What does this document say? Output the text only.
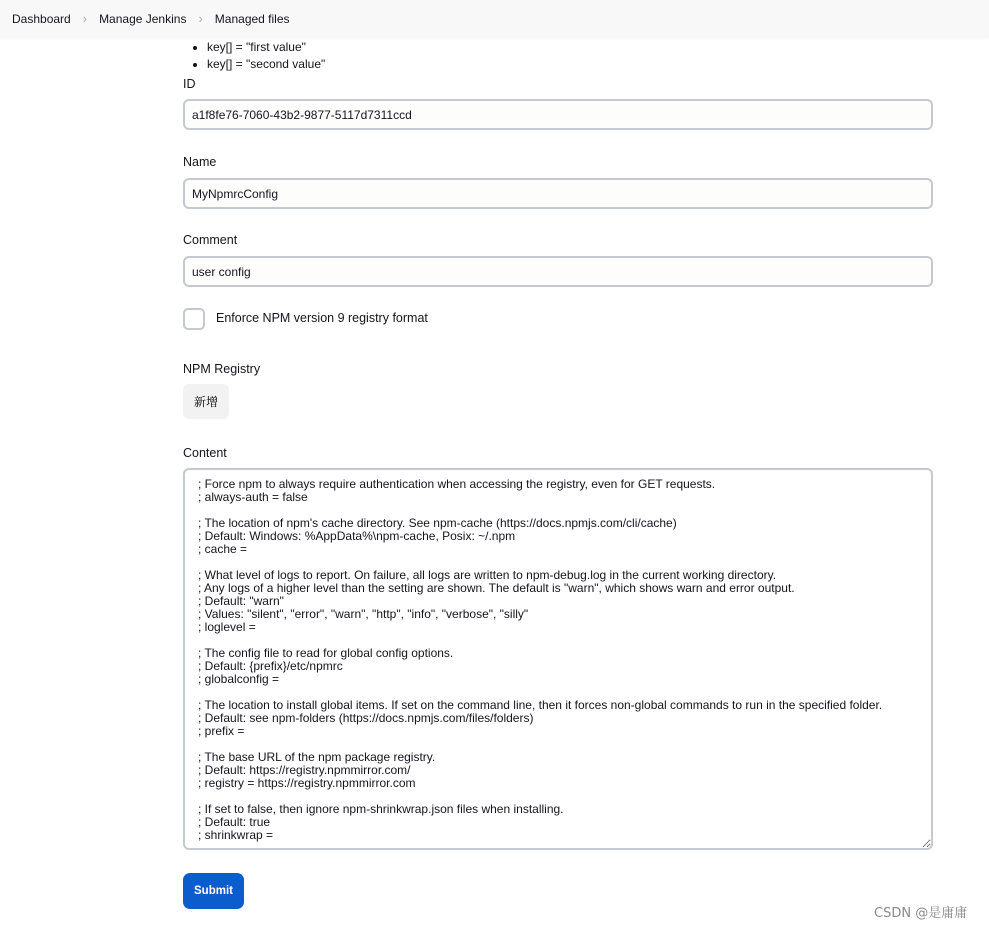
Dashboard › Manage Jenkins › Managed files
• key[] = "first value"
• key[] = "second value"
ID
a1f8fe76-7060-43b2-9877-5117d7311ccd
Name
MyNpmrcConfig
Comment
user config
Enforce NPM version 9 registry format
NPM Registry
新增
Content
; Force npm to always require authentication when accessing the registry, even for GET requests. ; always-auth = false ; The location of npm's cache directory. See npm-cache (https://docs.npmjs.com/cli/cache) ; Default: Windows: %AppData%\npm-cache, Posix: ~/.npm ; cache = ; What level of logs to report. On failure, all logs are written to npm-debug.log in the current working directory. ; Any logs of a higher level than the setting are shown. The default is "warn", which shows warn and error output. ; Default: "warn" ; Values: "silent", "error", "warn", "http", "info", "verbose", "silly" ; loglevel = ; The config file to read for global config options. ; Default: {prefix}/etc/npmrc ; globalconfig = ; The location to install global items. If set on the command line, then it forces non-global commands to run in the specified folder. ; Default: see npm-folders (https://docs.npmjs.com/files/folders) ; prefix = ; The base URL of the npm package registry. ; Default: https://registry.npmmirror.com/ ; registry = https://registry.npmmirror.com ; If set to false, then ignore npm-shrinkwrap.json files when installing. ; Default: true ; shrinkwrap =
Submit
CSDN @是庸庸
